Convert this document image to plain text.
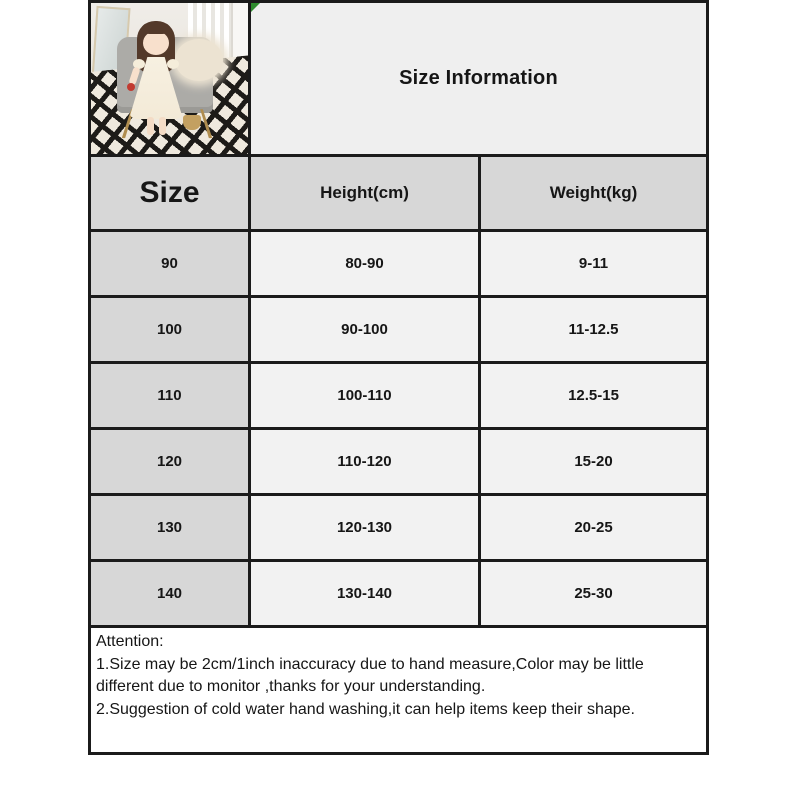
Size Information	
Size	Height(cm)	Weight(kg)
90	80-90	9-11
100	90-100	11-12.5
110	100-110	12.5-15
120	110-120	15-20
130	120-130	20-25
140	130-140	25-30

Attention:

1.Size may be 2cm/1inch inaccuracy due to hand measure,Color may be little different due to monitor ,thanks for your understanding.

2.Suggestion of cold water hand washing,it can help items keep their shape.		
